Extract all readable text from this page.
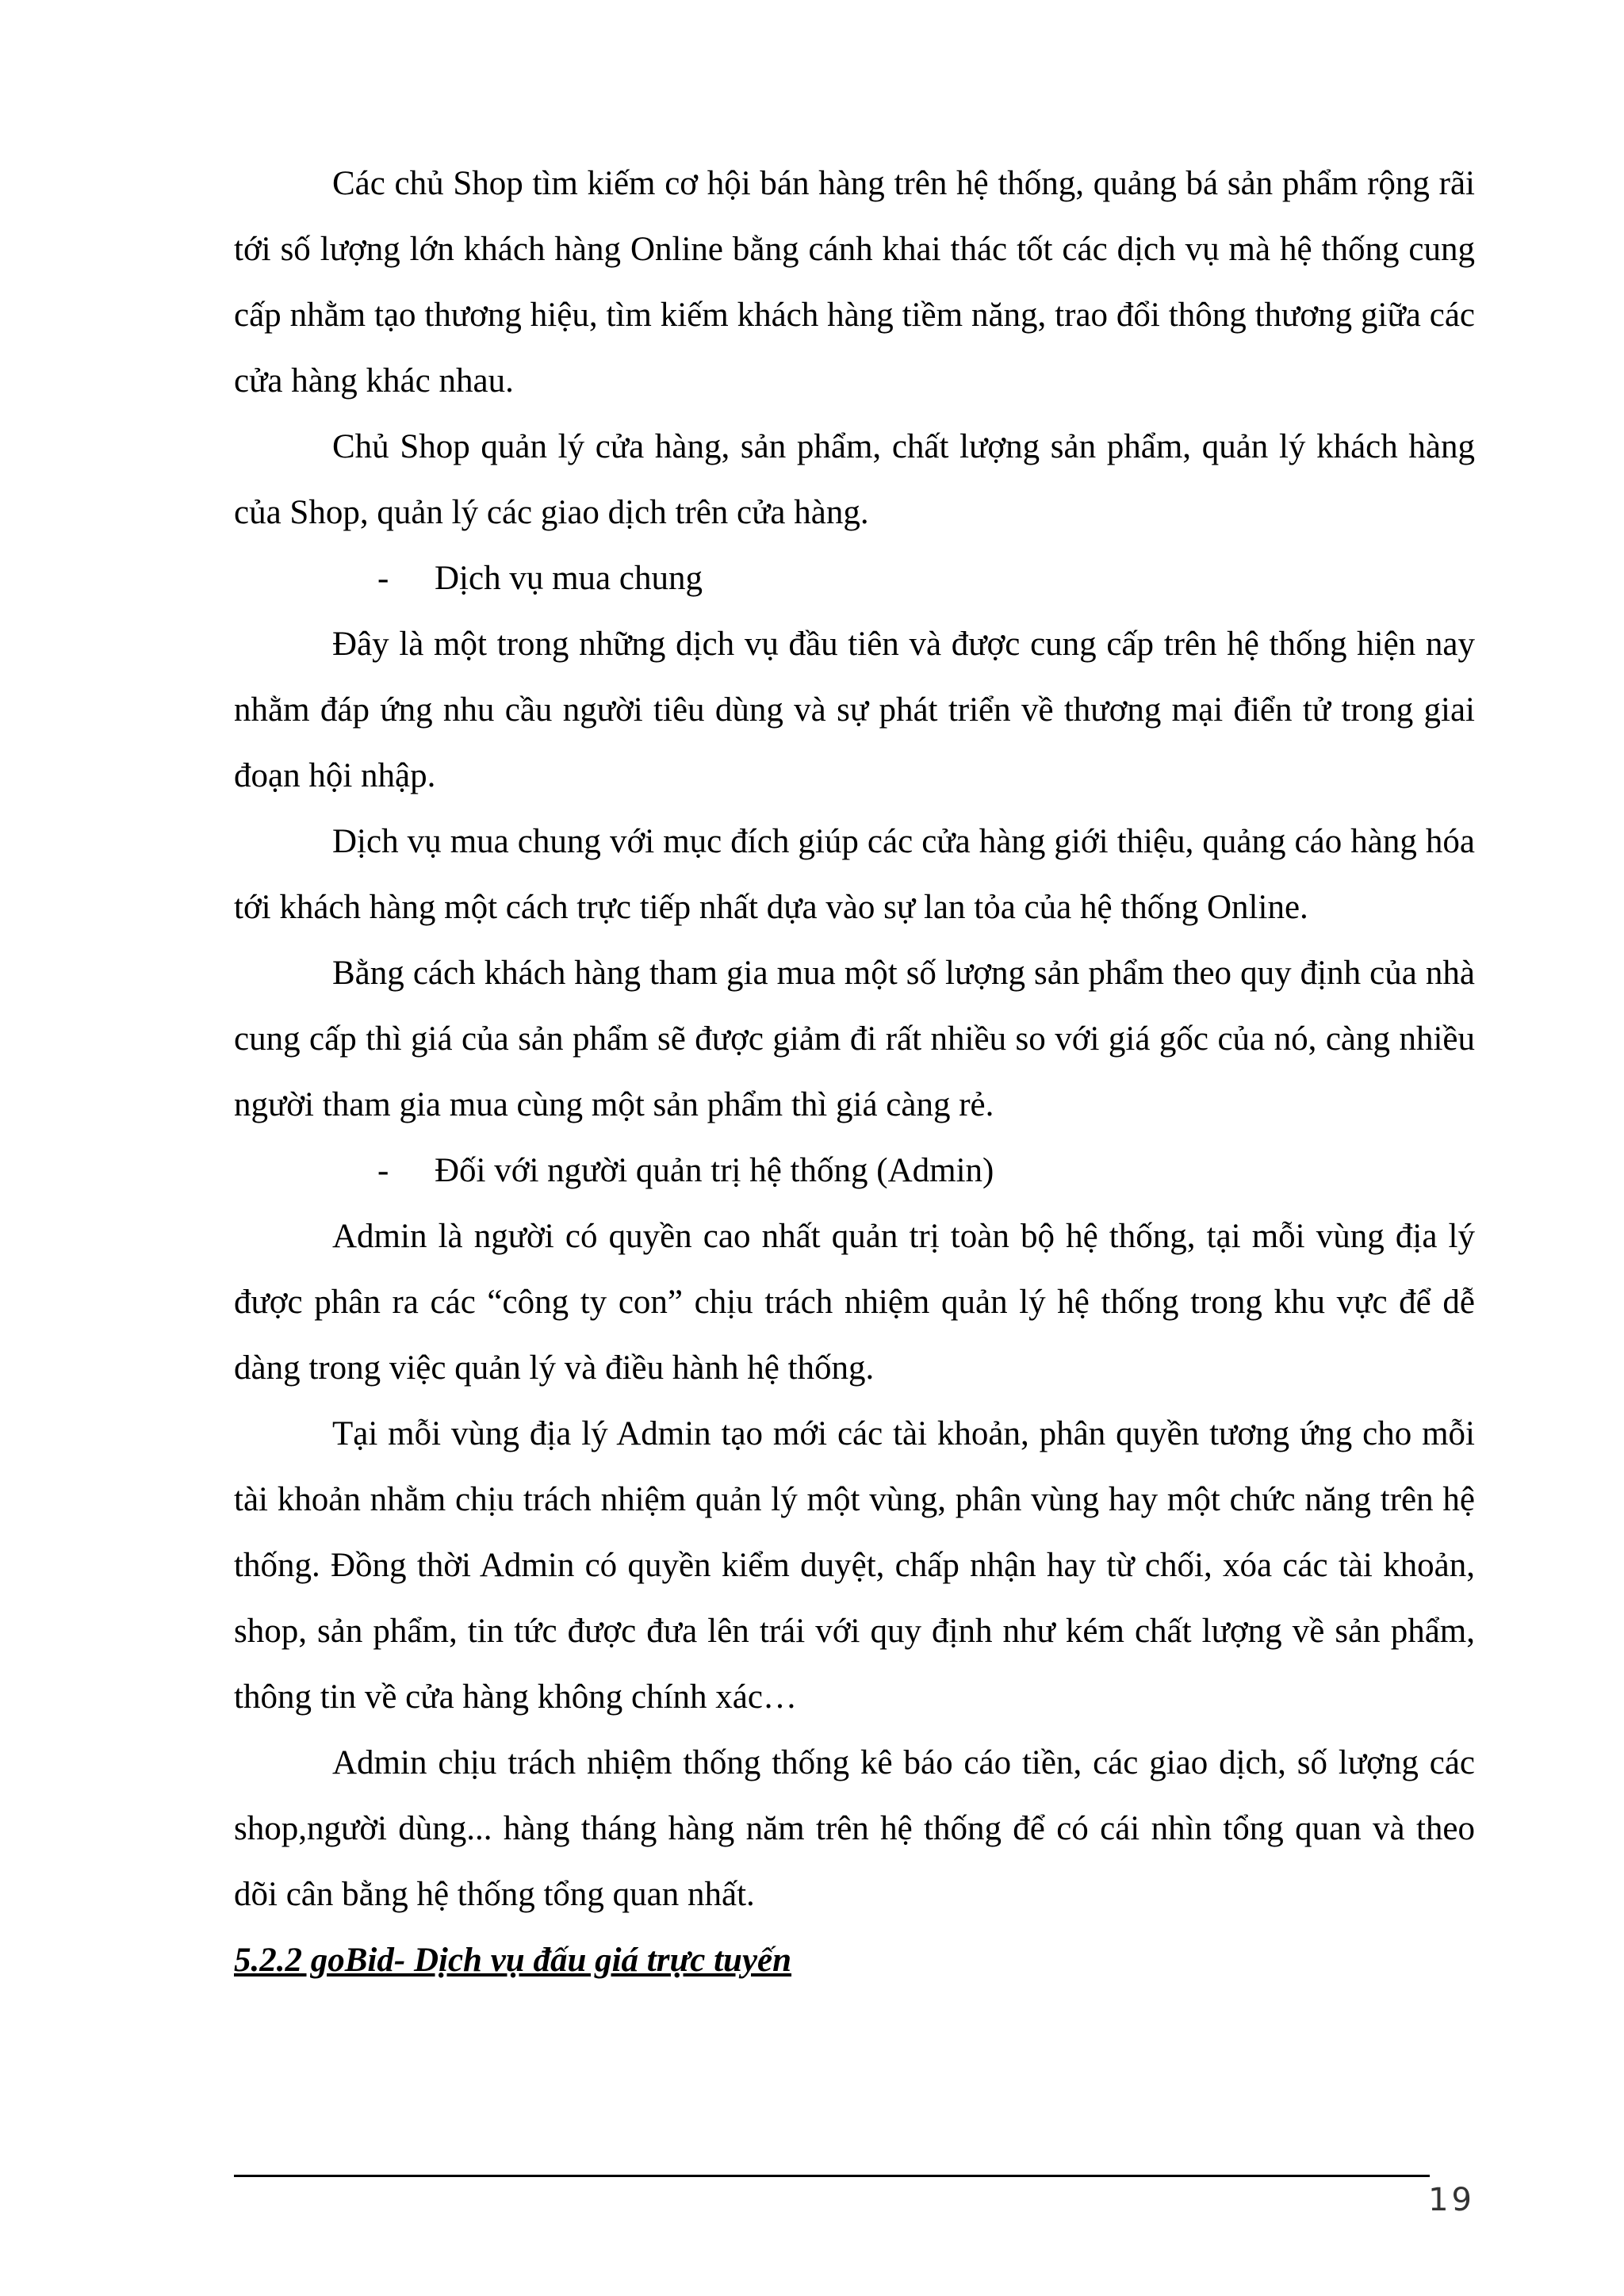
Các chủ Shop tìm kiếm cơ hội bán hàng trên hệ thống, quảng bá sản phẩm rộng rãi tới số lượng lớn khách hàng Online bằng cánh khai thác tốt các dịch vụ mà hệ thống cung cấp nhằm tạo thương hiệu, tìm kiếm khách hàng tiềm năng, trao đổi thông thương giữa các cửa hàng khác nhau.

Chủ Shop quản lý cửa hàng, sản phẩm, chất lượng sản phẩm, quản lý khách hàng của Shop, quản lý các giao dịch trên cửa hàng.

- Dịch vụ mua chung

Đây là một trong những dịch vụ đầu tiên và được cung cấp trên hệ thống hiện nay nhằm đáp ứng nhu cầu người tiêu dùng và sự phát triển về thương mại điển tử trong giai đoạn hội nhập.

Dịch vụ mua chung với mục đích giúp các cửa hàng giới thiệu, quảng cáo hàng hóa tới khách hàng một cách trực tiếp nhất dựa vào sự lan tỏa của hệ thống Online.

Bằng cách khách hàng tham gia mua một số lượng sản phẩm theo quy định của nhà cung cấp thì giá của sản phẩm sẽ được giảm đi rất nhiều so với giá gốc của nó, càng nhiều người tham gia mua cùng một sản phẩm thì giá càng rẻ.

- Đối với người quản trị hệ thống (Admin)

Admin là người có quyền cao nhất quản trị toàn bộ hệ thống, tại mỗi vùng địa lý được phân ra các “công ty con” chịu trách nhiệm quản lý hệ thống trong khu vực để dễ dàng trong việc quản lý và điều hành hệ thống.

Tại mỗi vùng địa lý Admin tạo mới các tài khoản, phân quyền tương ứng cho mỗi tài khoản nhằm chịu trách nhiệm quản lý một vùng, phân vùng hay một chức năng trên hệ thống. Đồng thời Admin có quyền kiểm duyệt, chấp nhận hay từ chối, xóa các tài khoản, shop, sản phẩm, tin tức được đưa lên trái với quy định như kém chất lượng về sản phẩm, thông tin về cửa hàng không chính xác…

Admin chịu trách nhiệm thống thống kê báo cáo tiền, các giao dịch, số lượng các shop,người dùng... hàng tháng hàng năm trên hệ thống để có cái nhìn tổng quan và theo dõi cân bằng hệ thống tổng quan nhất.

5.2.2 goBid- Dịch vụ đấu giá trực tuyến

19
